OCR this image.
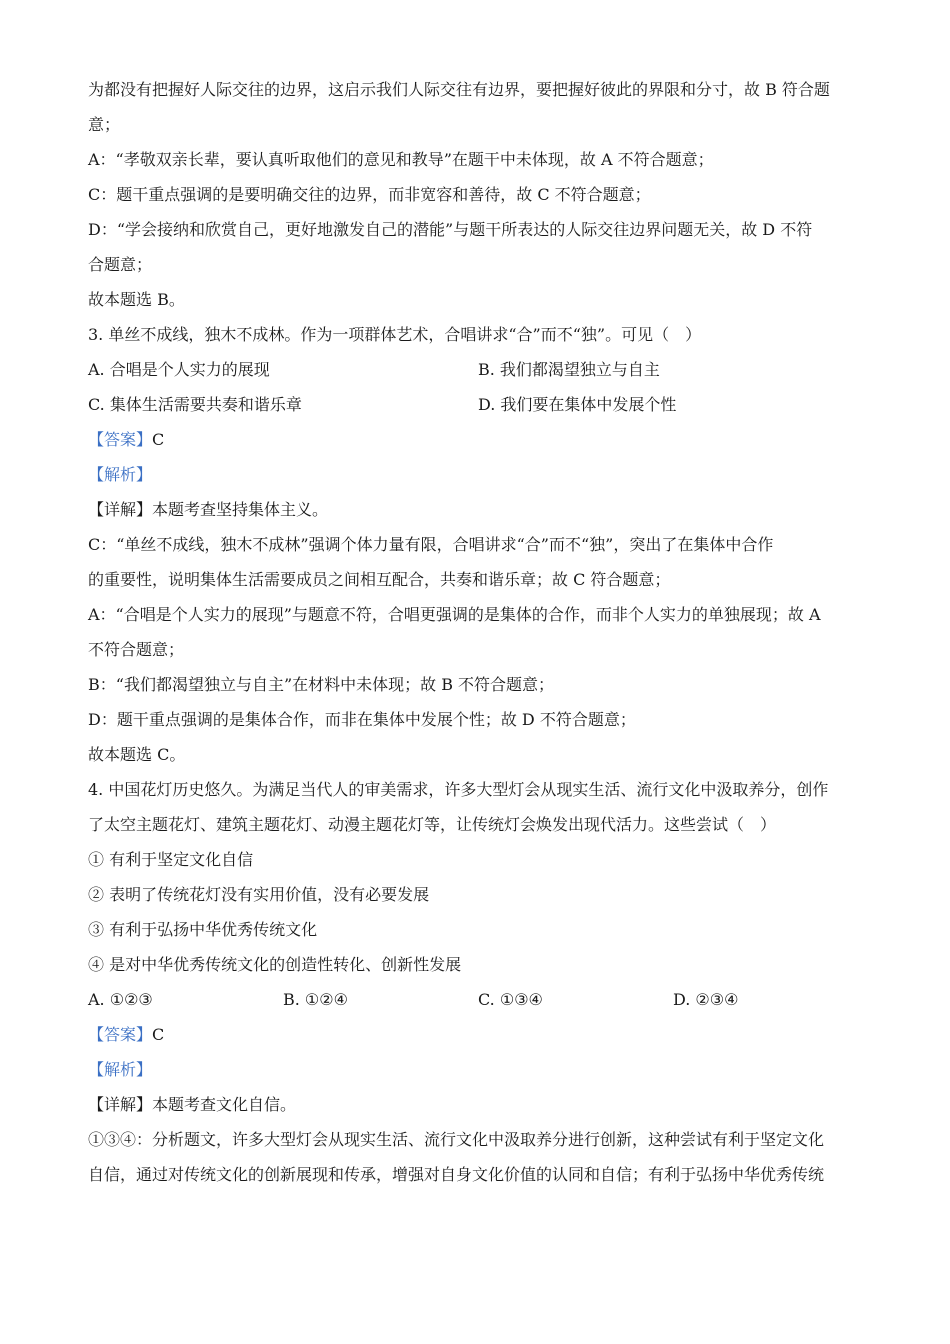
为都没有把握好人际交往的边界，这启示我们人际交往有边界，要把握好彼此的界限和分寸，故 B 符合题
意；
A：“孝敬双亲长辈，要认真听取他们的意见和教导”在题干中未体现，故 A 不符合题意；
C：题干重点强调的是要明确交往的边界，而非宽容和善待，故 C 不符合题意；
D：“学会接纳和欣赏自己，更好地激发自己的潜能”与题干所表达的人际交往边界问题无关，故 D 不符
合题意；
故本题选 B。
3. 单丝不成线，独木不成林。作为一项群体艺术，合唱讲求“合”而不“独”。可见（　）
A. 合唱是个人实力的展现	B. 我们都渴望独立与自主
C. 集体生活需要共奏和谐乐章	D. 我们要在集体中发展个性
【答案】C
【解析】
【详解】本题考查坚持集体主义。
C：“单丝不成线，独木不成林”强调个体力量有限，合唱讲求“合”而不“独”，突出了在集体中合作
的重要性，说明集体生活需要成员之间相互配合，共奏和谐乐章；故 C 符合题意；
A：“合唱是个人实力的展现”与题意不符，合唱更强调的是集体的合作，而非个人实力的单独展现；故 A
不符合题意；
B：“我们都渴望独立与自主”在材料中未体现；故 B 不符合题意；
D：题干重点强调的是集体合作，而非在集体中发展个性；故 D 不符合题意；
故本题选 C。
4. 中国花灯历史悠久。为满足当代人的审美需求，许多大型灯会从现实生活、流行文化中汲取养分，创作
了太空主题花灯、建筑主题花灯、动漫主题花灯等，让传统灯会焕发出现代活力。这些尝试（　）
① 有利于坚定文化自信
② 表明了传统花灯没有实用价值，没有必要发展
③ 有利于弘扬中华优秀传统文化
④ 是对中华优秀传统文化的创造性转化、创新性发展
A. ①②③	B. ①②④	C. ①③④	D. ②③④
【答案】C
【解析】
【详解】本题考查文化自信。
①③④：分析题文，许多大型灯会从现实生活、流行文化中汲取养分进行创新，这种尝试有利于坚定文化
自信，通过对传统文化的创新展现和传承，增强对自身文化价值的认同和自信；有利于弘扬中华优秀传统
